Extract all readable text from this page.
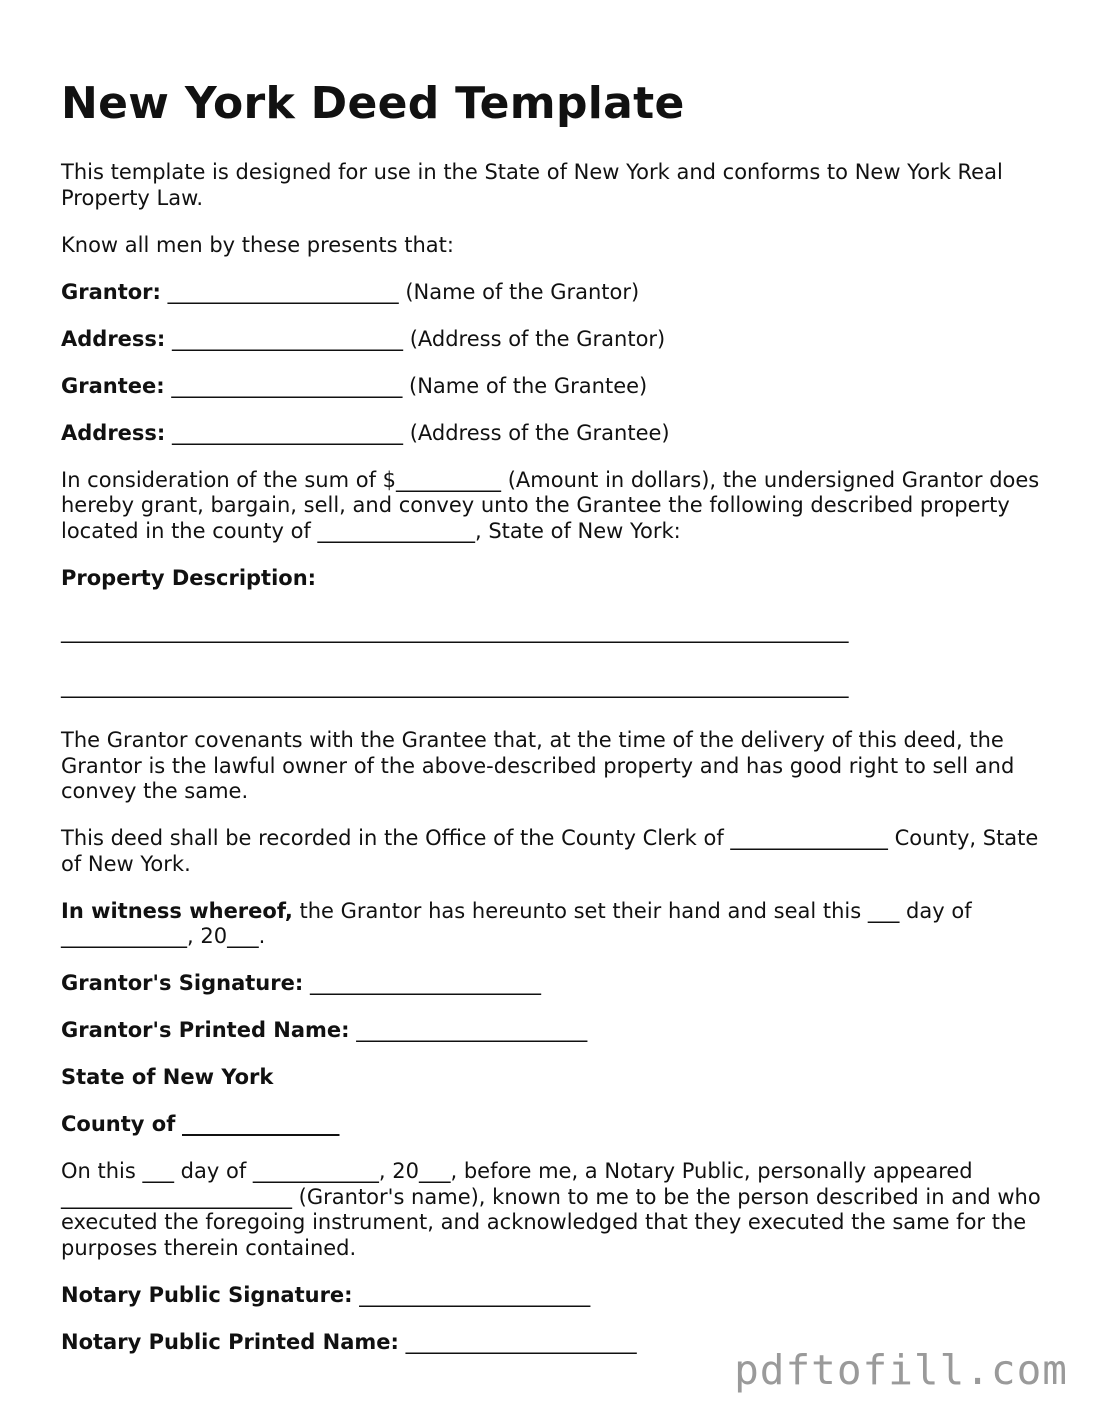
New York Deed Template

This template is designed for use in the State of New York and conforms to New York Real Property Law.

Know all men by these presents that:

Grantor: ______________________ (Name of the Grantor)

Address: ______________________ (Address of the Grantor)

Grantee: ______________________ (Name of the Grantee)

Address: ______________________ (Address of the Grantee)

In consideration of the sum of $__________ (Amount in dollars), the undersigned Grantor does hereby grant, bargain, sell, and convey unto the Grantee the following described property located in the county of _______________, State of New York:

Property Description:

___________________________________________________________________________
___________________________________________________________________________

The Grantor covenants with the Grantee that, at the time of the delivery of this deed, the Grantor is the lawful owner of the above-described property and has good right to sell and convey the same.

This deed shall be recorded in the Office of the County Clerk of _______________ County, State of New York.

In witness whereof, the Grantor has hereunto set their hand and seal this ___ day of ____________, 20___.

Grantor's Signature: ______________________

Grantor's Printed Name: ______________________

State of New York

County of _______________

On this ___ day of ____________, 20___, before me, a Notary Public, personally appeared ______________________ (Grantor's name), known to me to be the person described in and who executed the foregoing instrument, and acknowledged that they executed the same for the purposes therein contained.

Notary Public Signature: ______________________

Notary Public Printed Name: ______________________

pdftofill.com
